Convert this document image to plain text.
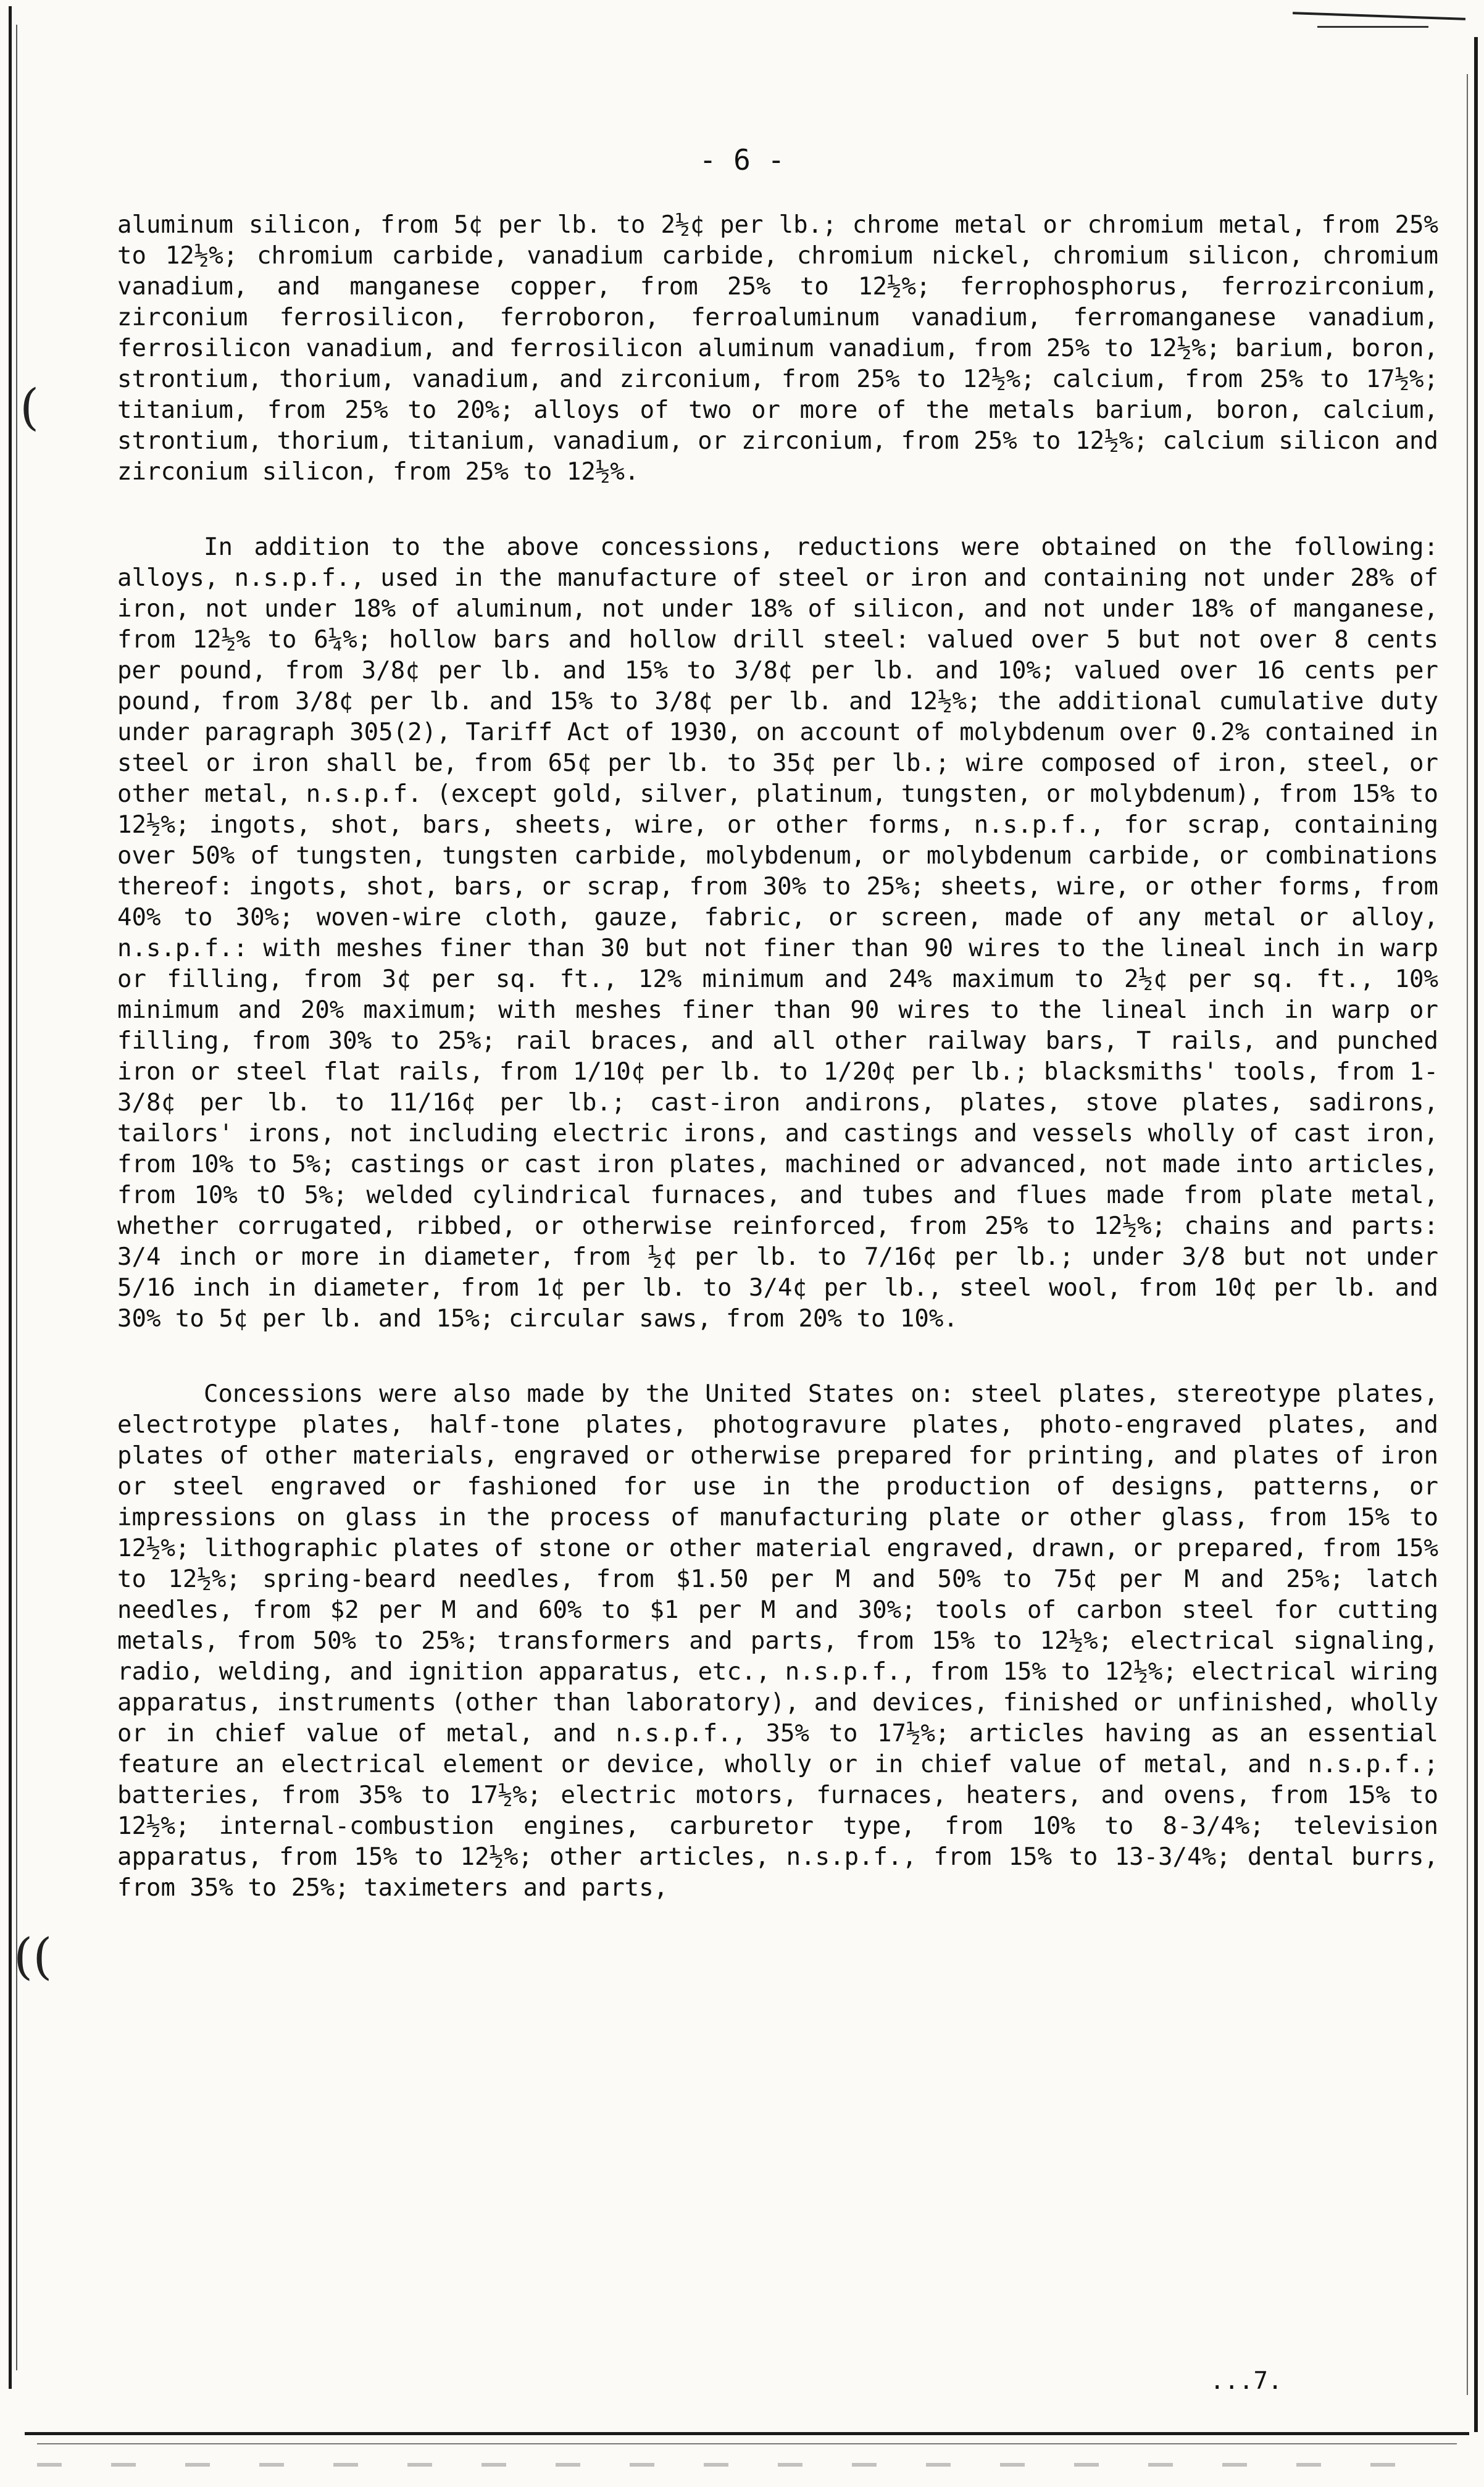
(
((
- 6 -

aluminum silicon, from 5¢ per lb. to 2½¢ per lb.; chrome metal or chromium metal, from 25% to 12½%; chromium carbide, vanadium carbide, chromium nickel, chromium silicon, chromium vanadium, and manganese copper, from 25% to 12½%; ferrophosphorus, ferrozirconium, zirconium ferrosilicon, ferroboron, ferroaluminum vanadium, ferromanganese vanadium, ferrosilicon vanadium, and ferrosilicon aluminum vanadium, from 25% to 12½%; barium, boron, strontium, thorium, vanadium, and zirconium, from 25% to 12½%; calcium, from 25% to 17½%; titanium, from 25% to 20%; alloys of two or more of the metals barium, boron, calcium, strontium, thorium, titanium, vanadium, or zirconium, from 25% to 12½%; calcium silicon and zirconium silicon, from 25% to 12½%.

In addition to the above concessions, reductions were obtained on the following: alloys, n.s.p.f., used in the manufacture of steel or iron and containing not under 28% of iron, not under 18% of aluminum, not under 18% of silicon, and not under 18% of manganese, from 12½% to 6¼%; hollow bars and hollow drill steel: valued over 5 but not over 8 cents per pound, from 3/8¢ per lb. and 15% to 3/8¢ per lb. and 10%; valued over 16 cents per pound, from 3/8¢ per lb. and 15% to 3/8¢ per lb. and 12½%; the additional cumulative duty under paragraph 305(2), Tariff Act of 1930, on account of molybdenum over 0.2% contained in steel or iron shall be, from 65¢ per lb. to 35¢ per lb.; wire composed of iron, steel, or other metal, n.s.p.f. (except gold, silver, platinum, tungsten, or molybdenum), from 15% to 12½%; ingots, shot, bars, sheets, wire, or other forms, n.s.p.f., for scrap, containing over 50% of tungsten, tungsten carbide, molybdenum, or molybdenum carbide, or combinations thereof: ingots, shot, bars, or scrap, from 30% to 25%; sheets, wire, or other forms, from 40% to 30%; woven-wire cloth, gauze, fabric, or screen, made of any metal or alloy, n.s.p.f.: with meshes finer than 30 but not finer than 90 wires to the lineal inch in warp or filling, from 3¢ per sq. ft., 12% minimum and 24% maximum to 2½¢ per sq. ft., 10% minimum and 20% maximum; with meshes finer than 90 wires to the lineal inch in warp or filling, from 30% to 25%; rail braces, and all other railway bars, T rails, and punched iron or steel flat rails, from 1/10¢ per lb. to 1/20¢ per lb.; blacksmiths' tools, from 1-3/8¢ per lb. to 11/16¢ per lb.; cast-iron andirons, plates, stove plates, sadirons, tailors' irons, not including electric irons, and castings and vessels wholly of cast iron, from 10% to 5%; castings or cast iron plates, machined or advanced, not made into articles, from 10% tO 5%; welded cylindrical furnaces, and tubes and flues made from plate metal, whether corrugated, ribbed, or otherwise reinforced, from 25% to 12½%; chains and parts: 3/4 inch or more in diameter, from ½¢ per lb. to 7/16¢ per lb.; under 3/8 but not under 5/16 inch in diameter, from 1¢ per lb. to 3/4¢ per lb., steel wool, from 10¢ per lb. and 30% to 5¢ per lb. and 15%; circular saws, from 20% to 10%.

Concessions were also made by the United States on: steel plates, stereotype plates, electrotype plates, half-tone plates, photogravure plates, photo-engraved plates, and plates of other materials, engraved or otherwise prepared for printing, and plates of iron or steel engraved or fashioned for use in the production of designs, patterns, or impressions on glass in the process of manufacturing plate or other glass, from 15% to 12½%; lithographic plates of stone or other material engraved, drawn, or prepared, from 15% to 12½%; spring-beard needles, from $1.50 per M and 50% to 75¢ per M and 25%; latch needles, from $2 per M and 60% to $1 per M and 30%; tools of carbon steel for cutting metals, from 50% to 25%; transformers and parts, from 15% to 12½%; electrical signaling, radio, welding, and ignition apparatus, etc., n.s.p.f., from 15% to 12½%; electrical wiring apparatus, instruments (other than laboratory), and devices, finished or unfinished, wholly or in chief value of metal, and n.s.p.f., 35% to 17½%; articles having as an essential feature an electrical element or device, wholly or in chief value of metal, and n.s.p.f.; batteries, from 35% to 17½%; electric motors, furnaces, heaters, and ovens, from 15% to 12½%; internal-combustion engines, carburetor type, from 10% to 8-3/4%; television apparatus, from 15% to 12½%; other articles, n.s.p.f., from 15% to 13-3/4%; dental burrs, from 35% to 25%; taximeters and parts,

...7.
